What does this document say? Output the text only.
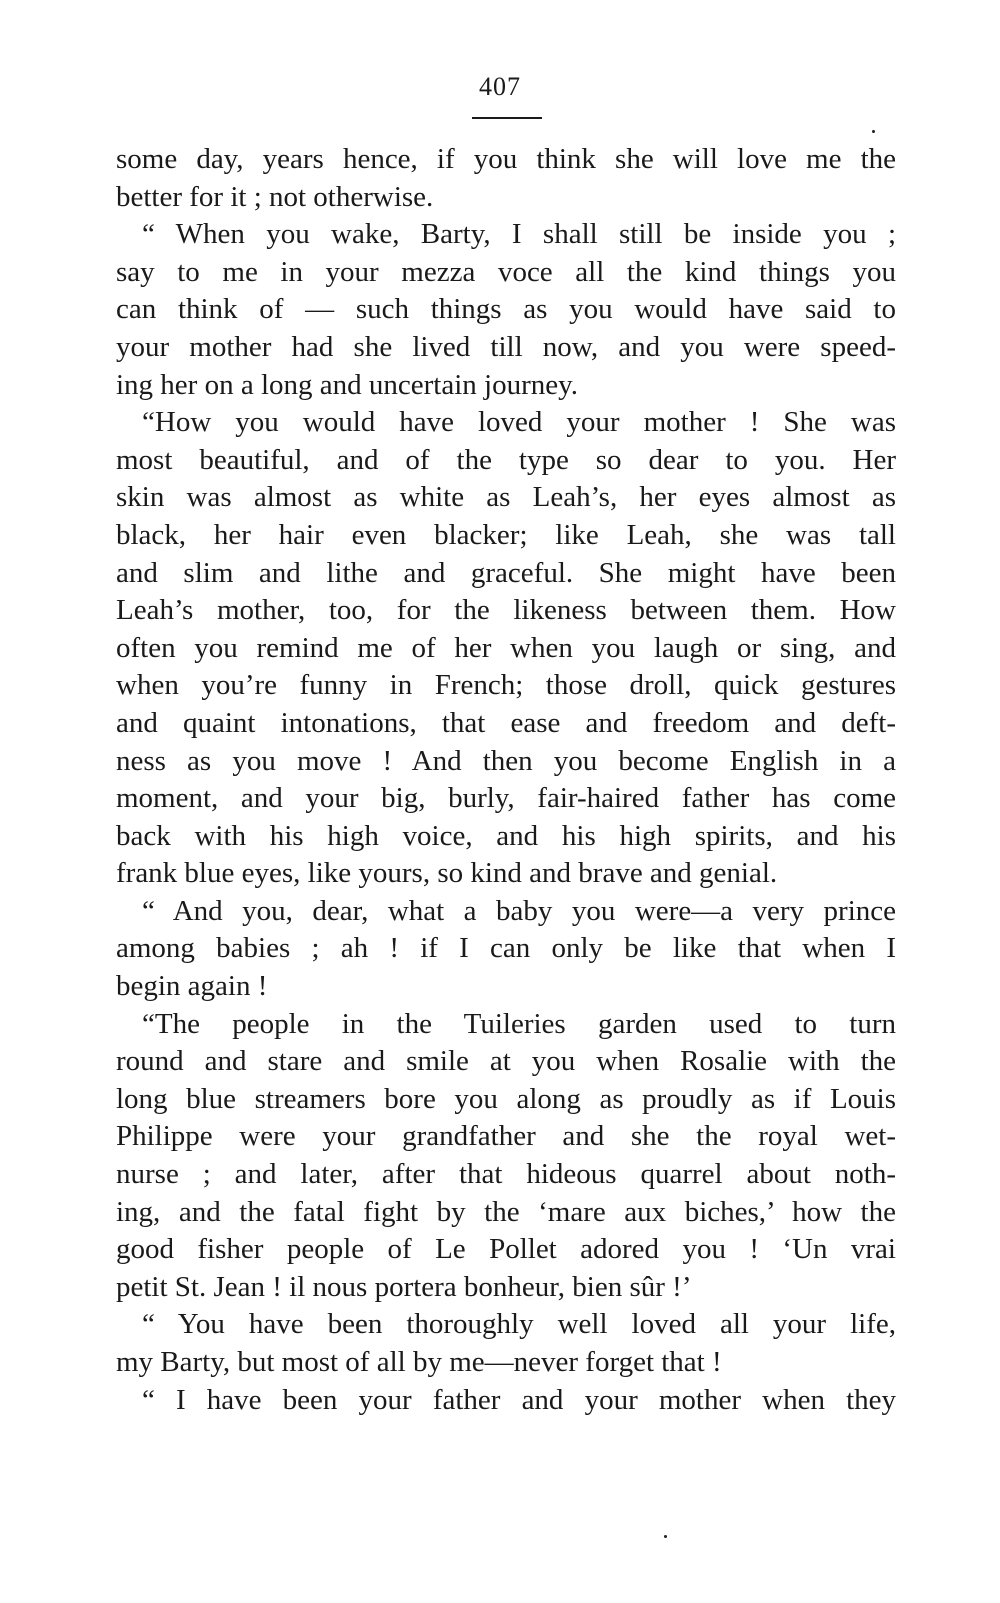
407
some day, years hence, if you think she will love me the
better for it ; not otherwise.
“ When you wake, Barty, I shall still be inside you ;
say to me in your mezza voce all the kind things you
can think of — such things as you would have said to
your mother had she lived till now, and you were speed-
ing her on a long and uncertain journey.
“How you would have loved your mother ! She was
most beautiful, and of the type so dear to you. Her
skin was almost as white as Leah’s, her eyes almost as
black, her hair even blacker; like Leah, she was tall
and slim and lithe and graceful. She might have been
Leah’s mother, too, for the likeness between them. How
often you remind me of her when you laugh or sing, and
when you’re funny in French; those droll, quick gestures
and quaint intonations, that ease and freedom and deft-
ness as you move ! And then you become English in a
moment, and your big, burly, fair-haired father has come
back with his high voice, and his high spirits, and his
frank blue eyes, like yours, so kind and brave and genial.
“ And you, dear, what a baby you were—a very prince
among babies ; ah ! if I can only be like that when I
begin again !
“The people in the Tuileries garden used to turn
round and stare and smile at you when Rosalie with the
long blue streamers bore you along as proudly as if Louis
Philippe were your grandfather and she the royal wet-
nurse ; and later, after that hideous quarrel about noth-
ing, and the fatal fight by the ‘mare aux biches,’ how the
good fisher people of Le Pollet adored you ! ‘Un vrai
petit St. Jean ! il nous portera bonheur, bien sûr !’
“ You have been thoroughly well loved all your life,
my Barty, but most of all by me—never forget that !
“ I have been your father and your mother when they
